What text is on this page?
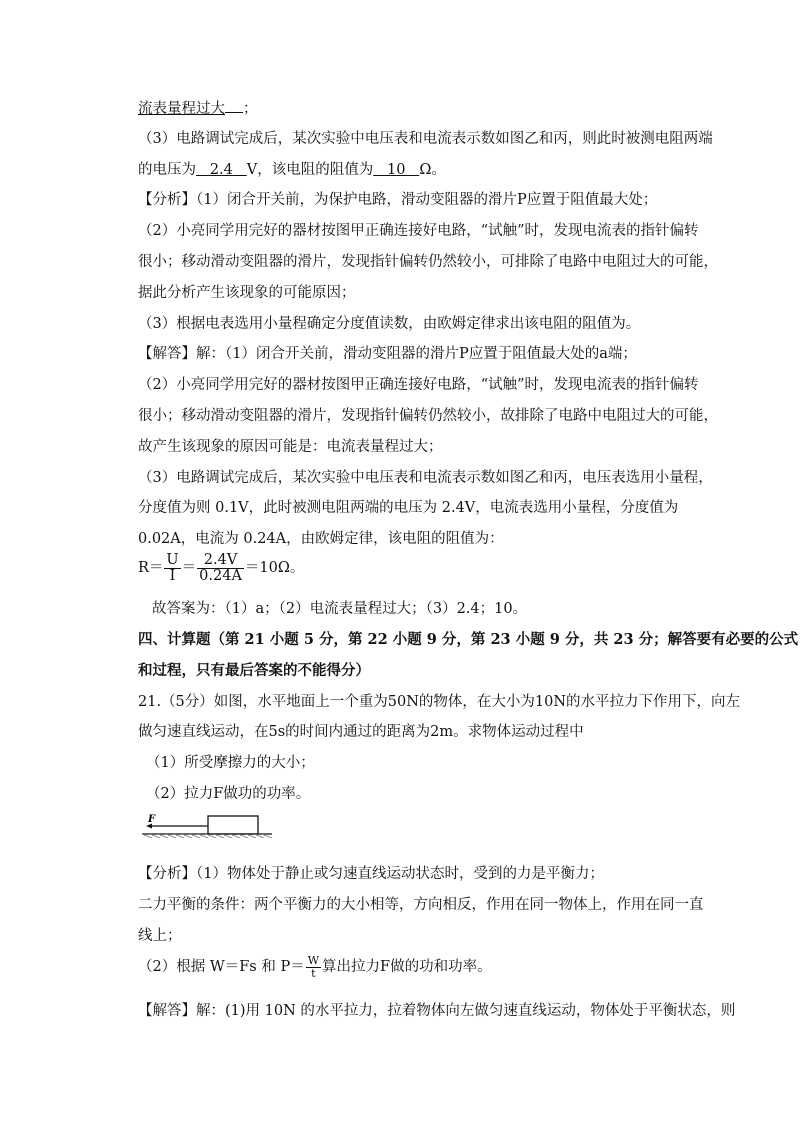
流表量程过大 ；
（3）电路调试完成后，某次实验中电压表和电流表示数如图乙和丙，则此时被测电阻两端
的电压为 2.4 V，该电阻的阻值为 10 Ω。
【分析】（1）闭合开关前，为保护电路，滑动变阻器的滑片P应置于阻值最大处；
（2）小亮同学用完好的器材按图甲正确连接好电路，“试触”时，发现电流表的指针偏转
很小；移动滑动变阻器的滑片，发现指针偏转仍然较小，可排除了电路中电阻过大的可能，
据此分析产生该现象的可能原因；
（3）根据电表选用小量程确定分度值读数，由欧姆定律求出该电阻的阻值为。
【解答】解：（1）闭合开关前，滑动变阻器的滑片P应置于阻值最大处的a端；
（2）小亮同学用完好的器材按图甲正确连接好电路，“试触”时，发现电流表的指针偏转
很小；移动滑动变阻器的滑片，发现指针偏转仍然较小，故排除了电路中电阻过大的可能，
故产生该现象的原因可能是：电流表量程过大；
（3）电路调试完成后，某次实验中电压表和电流表示数如图乙和丙，电压表选用小量程，
分度值为则 0.1V，此时被测电阻两端的电压为 2.4V，电流表选用小量程，分度值为
0.02A，电流为 0.24A，由欧姆定律，该电阻的阻值为：
$R= \frac{U}{I} = \frac{2.4V}{0.24A} =10\Omega$。
故答案为：（1）a；（2）电流表量程过大；（3）2.4；10。
四、计算题（第 21 小题 5 分，第 22 小题 9 分，第 23 小题 9 分，共 23 分；解答要有必要的公式
和过程，只有最后答案的不能得分）
21.（5分）如图，水平地面上一个重为50N的物体，在大小为10N的水平拉力下作用下，向左
做匀速直线运动，在5s的时间内通过的距离为2m。求物体运动过程中
（1）所受摩擦力的大小；
（2）拉力F做功的功率。
F
【分析】（1）物体处于静止或匀速直线运动状态时，受到的力是平衡力；
二力平衡的条件：两个平衡力的大小相等，方向相反，作用在同一物体上，作用在同一直
线上；
（2）根据 W＝Fs 和 $P= \frac{W}{t}$ 算出拉力F做的功和功率。
【解答】解：(1)用 10N 的水平拉力，拉着物体向左做匀速直线运动，物体处于平衡状态，则
